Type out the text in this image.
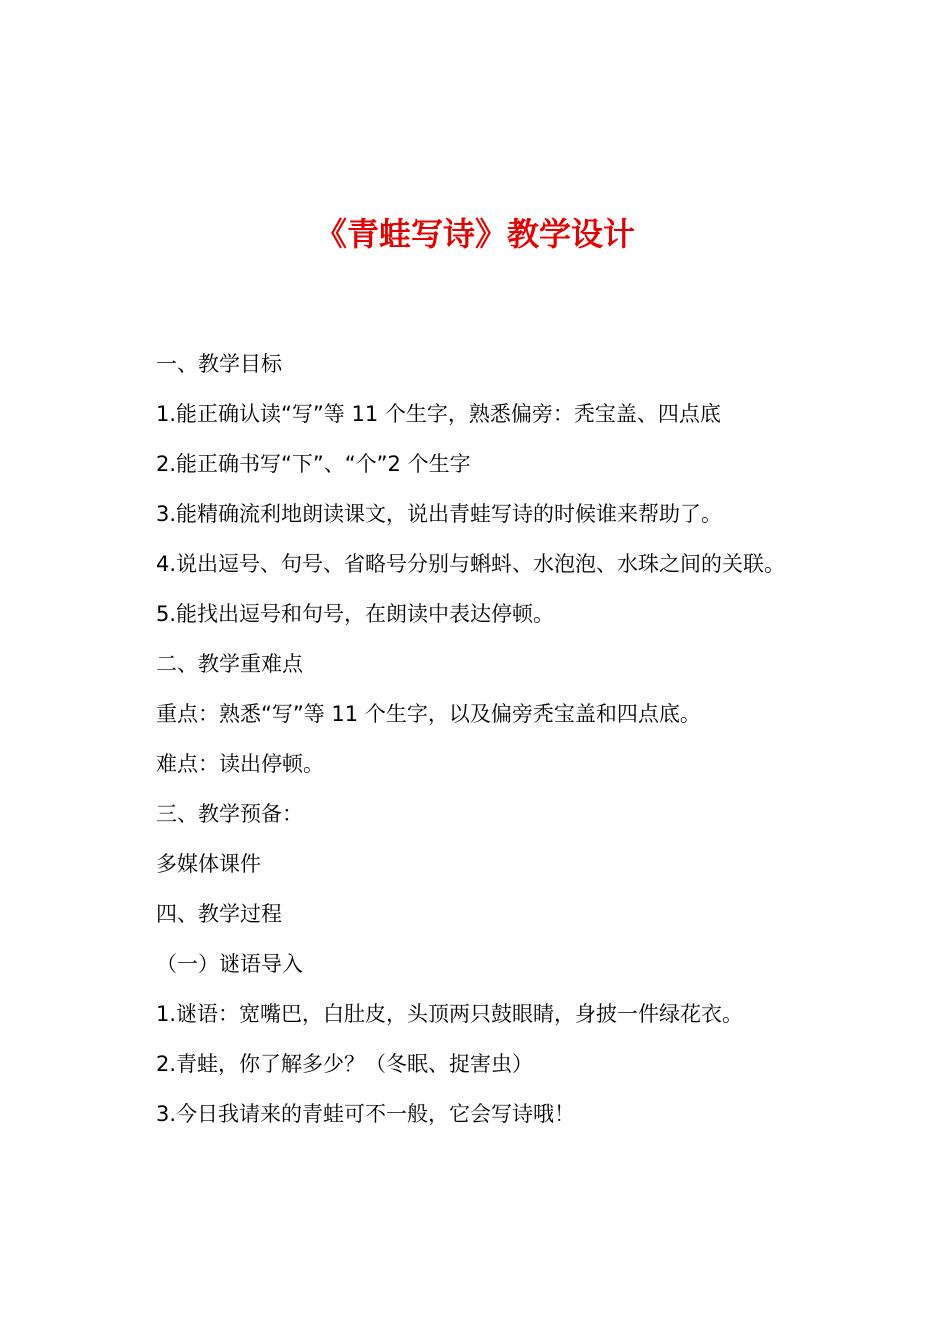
《青蛙写诗》教学设计
一、教学目标
1.能正确认读“写”等 11 个生字，熟悉偏旁：秃宝盖、四点底
2.能正确书写“下”、“个”2 个生字
3.能精确流利地朗读课文，说出青蛙写诗的时候谁来帮助了。
4.说出逗号、句号、省略号分别与蝌蚪、水泡泡、水珠之间的关联。
5.能找出逗号和句号，在朗读中表达停顿。
二、教学重难点
重点：熟悉“写”等 11 个生字，以及偏旁秃宝盖和四点底。
难点：读出停顿。
三、教学预备：
多媒体课件
四、教学过程
（一）谜语导入
1.谜语：宽嘴巴，白肚皮，头顶两只鼓眼睛，身披一件绿花衣。
2.青蛙，你了解多少？（冬眠、捉害虫）
3.今日我请来的青蛙可不一般，它会写诗哦！
